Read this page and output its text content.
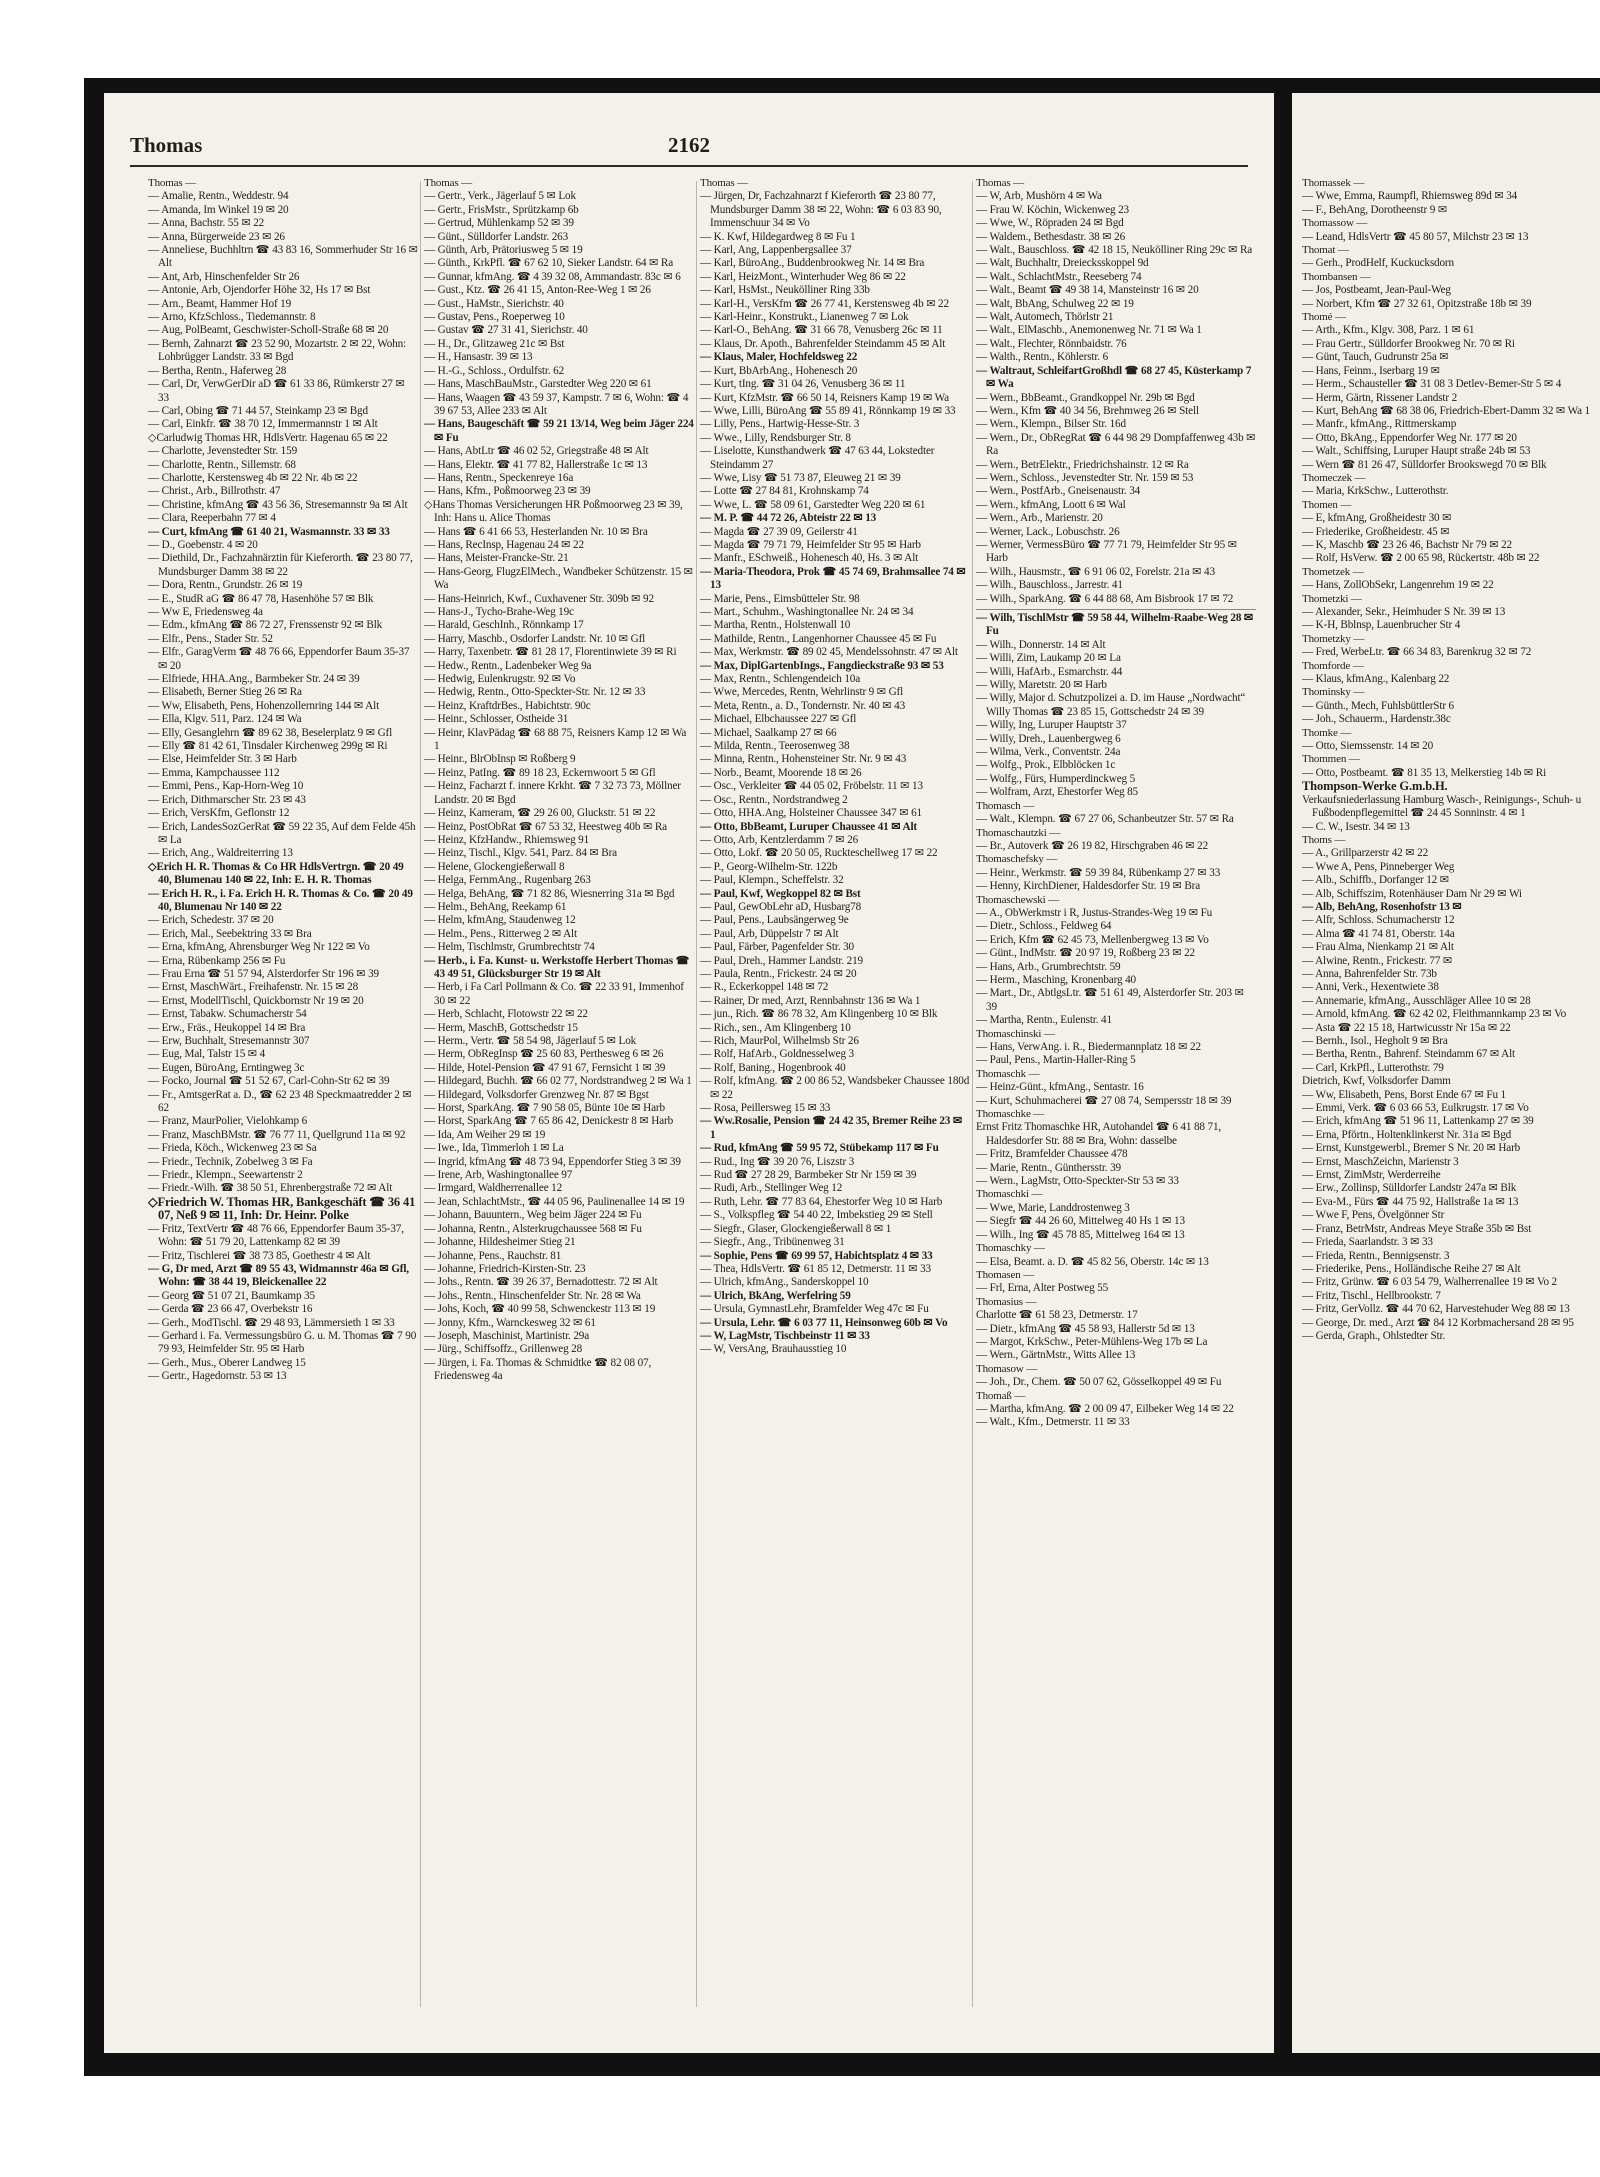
Thomas	2162
Thomas —
— Amalie, Rentn., Weddestr. 94
— Amanda, Im Winkel 19 ✉ 20
— Anna, Bachstr. 55 ✉ 22
— Anna, Bürgerweide 23 ✉ 26
— Anneliese, Buchhltrn ☎ 43 83 16, Sommerhuder Str 16 ✉ Alt
— Ant, Arb, Hinschenfelder Str 26
— Antonie, Arb, Ojendorfer Höhe 32, Hs 17 ✉ Bst
— Arn., Beamt, Hammer Hof 19
— Arno, KfzSchloss., Tiedemannstr. 8
— Aug, PolBeamt, Geschwister-Scholl-Straße 68 ✉ 20
— Bernh, Zahnarzt ☎ 23 52 90, Mozartstr. 2 ✉ 22, Wohn: Lohbrügger Landstr. 33 ✉ Bgd
— Bertha, Rentn., Haferweg 28
— Carl, Dr, VerwGerDir aD ☎ 61 33 86, Rümkerstr 27 ✉ 33
— Carl, Obing ☎ 71 44 57, Steinkamp 23 ✉ Bgd
— Carl, Einkfr. ☎ 38 70 12, Immermannstr 1 ✉ Alt
◇ Carludwig Thomas HR, HdlsVertr. Hagenau 65 ✉ 22
— Charlotte, Jevenstedter Str. 159
— Charlotte, Rentn., Sillemstr. 68
— Charlotte, Kerstensweg 4b ✉ 22 Nr. 4b ✉ 22
— Christ., Arb., Billrothstr. 47
— Christine, kfmAng ☎ 43 56 36, Stresemannstr 9a ✉ Alt
— Clara, Reeperbahn 77 ✉ 4
— Curt, kfmAng ☎ 61 40 21, Wasmannstr. 33 ✉ 33
— D., Goebenstr. 4 ✉ 20
— Diethild, Dr., Fachzahnärztin für Kieferorth. ☎ 23 80 77, Mundsburger Damm 38 ✉ 22
— Dora, Rentn., Grundstr. 26 ✉ 19
— E., StudR aG ☎ 86 47 78, Hasenhöhe 57 ✉ Blk
— Ww E, Friedensweg 4a
— Edm., kfmAng ☎ 86 72 27, Frenssenstr 92 ✉ Blk
— Elfr., Pens., Stader Str. 52
— Elfr., GaragVerm ☎ 48 76 66, Eppendorfer Baum 35-37 ✉ 20
— Elfriede, HHA.Ang., Barmbeker Str. 24 ✉ 39
— Elisabeth, Berner Stieg 26 ✉ Ra
— Ww, Elisabeth, Pens, Hohenzollernring 144 ✉ Alt
— Ella, Klgv. 511, Parz. 124 ✉ Wa
— Elly, Gesanglehrn ☎ 89 62 38, Beselerplatz 9 ✉ Gfl
— Elly ☎ 81 42 61, Tinsdaler Kirchenweg 299g ✉ Ri
— Else, Heimfelder Str. 3 ✉ Harb
— Emma, Kampchaussee 112
— Emmi, Pens., Kap-Horn-Weg 10
— Erich, Dithmarscher Str. 23 ✉ 43
— Erich, VersKfm, Geflonstr 12
— Erich, LandesSozGerRat ☎ 59 22 35, Auf dem Felde 45h ✉ La
— Erich, Ang., Waldreiterring 13
◇ Erich H. R. Thomas & Co HR HdlsVertrgn. ☎ 20 49 40, Blumenau 140 ✉ 22, Inh: E. H. R. Thomas
— Erich H. R., i. Fa. Erich H. R. Thomas & Co. ☎ 20 49 40, Blumenau Nr 140 ✉ 22
— Erich, Schedestr. 37 ✉ 20
— Erich, Mal., Seebektring 33 ✉ Bra
— Erna, kfmAng, Ahrensburger Weg Nr 122 ✉ Vo
— Erna, Rübenkamp 256 ✉ Fu
— Frau Erna ☎ 51 57 94, Alsterdorfer Str 196 ✉ 39
— Ernst, MaschWärt., Freihafenstr. Nr. 15 ✉ 28
— Ernst, ModellTischl, Quickbornstr Nr 19 ✉ 20
— Ernst, Tabakw. Schumacherstr 54
— Erw., Fräs., Heukoppel 14 ✉ Bra
— Erw, Buchhalt, Stresemannstr 307
— Eug, Mal, Talstr 15 ✉ 4
— Eugen, BüroAng, Erntingweg 3c
— Focko, Journal ☎ 51 52 67, Carl-Cohn-Str 62 ✉ 39
— Fr., AmtsgerRat a. D., ☎ 62 23 48 Speckmaatredder 2 ✉ 62
— Franz, MaurPolier, Vielohkamp 6
— Franz, MaschBMstr. ☎ 76 77 11, Quellgrund 11a ✉ 92
— Frieda, Köch., Wickenweg 23 ✉ Sa
— Friedr., Technik, Zobelweg 3 ✉ Fa
— Friedr., Klempn., Seewartenstr 2
— Friedr.-Wilh. ☎ 38 50 51, Ehrenbergstraße 72 ✉ Alt
◇ Friedrich W. Thomas HR, Bankgeschäft ☎ 36 41 07, Neß 9 ✉ 11, Inh: Dr. Heinr. Polke
— Fritz, TextVertr ☎ 48 76 66, Eppendorfer Baum 35-37, Wohn: ☎ 51 79 20, Lattenkamp 82 ✉ 39
— Fritz, Tischlerei ☎ 38 73 85, Goethestr 4 ✉ Alt
— G, Dr med, Arzt ☎ 89 55 43, Widmannstr 46a ✉ Gfl, Wohn: ☎ 38 44 19, Bleickenallee 22
— Georg ☎ 51 07 21, Baumkamp 35
— Gerda ☎ 23 66 47, Overbekstr 16
— Gerh., ModTischl. ☎ 29 48 93, Lämmersieth 1 ✉ 33
— Gerhard i. Fa. Vermessungsbüro G. u. M. Thomas ☎ 7 90 79 93, Heimfelder Str. 95 ✉ Harb
— Gerh., Mus., Oberer Landweg 15
— Gertr., Hagedornstr. 53 ✉ 13
Thomas —
— Gertr., Verk., Jägerlauf 5 ✉ Lok
— Gertr., FrisMstr., Sprützkamp 6b
— Gertrud, Mühlenkamp 52 ✉ 39
— Günt., Sülldorfer Landstr. 263
— Günth, Arb, Prätoriusweg 5 ✉ 19
— Günth., KrkPfl. ☎ 67 62 10, Sieker Landstr. 64 ✉ Ra
— Gunnar, kfmAng. ☎ 4 39 32 08, Ammandastr. 83c ✉ 6
— Gust., Ktz. ☎ 26 41 15, Anton-Ree-Weg 1 ✉ 26
— Gust., HaMstr., Sierichstr. 40
— Gustav, Pens., Roeperweg 10
— Gustav ☎ 27 31 41, Sierichstr. 40
— H., Dr., Glitzaweg 21c ✉ Bst
— H., Hansastr. 39 ✉ 13
— H.-G., Schloss., Ordulfstr. 62
— Hans, MaschBauMstr., Garstedter Weg 220 ✉ 61
— Hans, Waagen ☎ 43 59 37, Kampstr. 7 ✉ 6, Wohn: ☎ 4 39 67 53, Allee 233 ✉ Alt
— Hans, Baugeschäft ☎ 59 21 13/14, Weg beim Jäger 224 ✉ Fu
— Hans, AbtLtr ☎ 46 02 52, Griegstraße 48 ✉ Alt
— Hans, Elektr. ☎ 41 77 82, Hallerstraße 1c ✉ 13
— Hans, Rentn., Speckenreye 16a
— Hans, Kfm., Poßmoorweg 23 ✉ 39
◇ Hans Thomas Versicherungen HR Poßmoorweg 23 ✉ 39, Inh: Hans u. Alice Thomas
— Hans ☎ 6 41 66 53, Hesterlanden Nr. 10 ✉ Bra
— Hans, RecInsp, Hagenau 24 ✉ 22
— Hans, Meister-Francke-Str. 21
— Hans-Georg, FlugzElMech., Wandbeker Schützenstr. 15 ✉ Wa
— Hans-Heinrich, Kwf., Cuxhavener Str. 309b ✉ 92
— Hans-J., Tycho-Brahe-Weg 19c
— Harald, GeschInh., Rönnkamp 17
— Harry, Maschb., Osdorfer Landstr. Nr. 10 ✉ Gfl
— Harry, Taxenbetr. ☎ 81 28 17, Florentinwiete 39 ✉ Ri
— Hedw., Rentn., Ladenbeker Weg 9a
— Hedwig, Eulenkrugstr. 92 ✉ Vo
— Hedwig, Rentn., Otto-Speckter-Str. Nr. 12 ✉ 33
— Heinz, KraftdrBes., Habichtstr. 90c
— Heinr., Schlosser, Ostheide 31
— Heinr, KlavPädag ☎ 68 88 75, Reisners Kamp 12 ✉ Wa 1
— Heinr., BlrObInsp ✉ Roßberg 9
— Heinz, PatIng. ☎ 89 18 23, Eckernwoort 5 ✉ Gfl
— Heinz, Facharzt f. innere Krkht. ☎ 7 32 73 73, Möllner Landstr. 20 ✉ Bgd
— Heinz, Kameram, ☎ 29 26 00, Gluckstr. 51 ✉ 22
— Heinz, PostObRat ☎ 67 53 32, Heestweg 40b ✉ Ra
— Heinz, KfzHandw., Rhiemsweg 91
— Heinz, Tischl., Klgv. 541, Parz. 84 ✉ Bra
— Helene, Glockengießerwall 8
— Helga, FernmAng., Rugenbarg 263
— Helga, BehAng, ☎ 71 82 86, Wiesnerring 31a ✉ Bgd
— Helm., BehAng, Reekamp 61
— Helm, kfmAng, Staudenweg 12
— Helm., Pens., Ritterweg 2 ✉ Alt
— Helm, Tischlmstr, Grumbrechtstr 74
— Herb., i. Fa. Kunst- u. Werkstoffe Herbert Thomas ☎ 43 49 51, Glücksburger Str 19 ✉ Alt
— Herb, i Fa Carl Pollmann & Co. ☎ 22 33 91, Immenhof 30 ✉ 22
— Herb, Schlacht, Flotowstr 22 ✉ 22
— Herm, MaschB, Gottschedstr 15
— Herm., Vertr. ☎ 58 54 98, Jägerlauf 5 ✉ Lok
— Herm, ObRegInsp ☎ 25 60 83, Perthesweg 6 ✉ 26
— Hilde, Hotel-Pension ☎ 47 91 67, Fernsicht 1 ✉ 39
— Hildegard, Buchh. ☎ 66 02 77, Nordstrandweg 2 ✉ Wa 1
— Hildegard, Volksdorfer Grenzweg Nr. 87 ✉ Bgst
— Horst, SparkAng. ☎ 7 90 58 05, Bünte 10e ✉ Harb
— Horst, SparkAng ☎ 7 65 86 42, Denickestr 8 ✉ Harb
— Ida, Am Weiher 29 ✉ 19
— Iwe., Ida, Timmerloh 1 ✉ La
— Ingrid, kfmAng ☎ 48 73 94, Eppendorfer Stieg 3 ✉ 39
— Irene, Arb, Washingtonallee 97
— Irmgard, Waldherrenallee 12
— Jean, SchlachtMstr., ☎ 44 05 96, Paulinenallee 14 ✉ 19
— Johann, Bauuntern., Weg beim Jäger 224 ✉ Fu
— Johanna, Rentn., Alsterkrugchaussee 568 ✉ Fu
— Johanne, Hildesheimer Stieg 21
— Johanne, Pens., Rauchstr. 81
— Johanne, Friedrich-Kirsten-Str. 23
— Johs., Rentn. ☎ 39 26 37, Bernadottestr. 72 ✉ Alt
— Johs., Rentn., Hinschenfelder Str. Nr. 28 ✉ Wa
— Johs, Koch, ☎ 40 99 58, Schwenckestr 113 ✉ 19
— Jonny, Kfm., Warnckesweg 32 ✉ 61
— Joseph, Maschinist, Martinistr. 29a
— Jürg., Schiffsoffz., Grillenweg 28
— Jürgen, i. Fa. Thomas & Schmidtke ☎ 82 08 07, Friedensweg 4a
Thomas —
— Jürgen, Dr, Fachzahnarzt f Kieferorth ☎ 23 80 77, Mundsburger Damm 38 ✉ 22, Wohn: ☎ 6 03 83 90, Immenschuur 34 ✉ Vo
— K. Kwf, Hildegardweg 8 ✉ Fu 1
— Karl, Ang, Lappenbergsallee 37
— Karl, BüroAng., Buddenbrookweg Nr. 14 ✉ Bra
— Karl, HeizMont., Winterhuder Weg 86 ✉ 22
— Karl, HsMst., Neukölliner Ring 33b
— Karl-H., VersKfm ☎ 26 77 41, Kerstensweg 4b ✉ 22
— Karl-Heinr., Konstrukt., Lianenweg 7 ✉ Lok
— Karl-O., BehAng. ☎ 31 66 78, Venusberg 26c ✉ 11
— Klaus, Dr. Apoth., Bahrenfelder Steindamm 45 ✉ Alt
— Klaus, Maler, Hochfeldsweg 22
— Kurt, BbArbAng., Hohenesch 20
— Kurt, tIng. ☎ 31 04 26, Venusberg 36 ✉ 11
— Kurt, KfzMstr. ☎ 66 50 14, Reisners Kamp 19 ✉ Wa
— Wwe, Lilli, BüroAng ☎ 55 89 41, Rönnkamp 19 ✉ 33
— Lilly, Pens., Hartwig-Hesse-Str. 3
— Wwe., Lilly, Rendsburger Str. 8
— Liselotte, Kunsthandwerk ☎ 47 63 44, Lokstedter Steindamm 27
— Wwe, Lisy ☎ 51 73 87, Eleuweg 21 ✉ 39
— Lotte ☎ 27 84 81, Krohnskamp 74
— Wwe, L. ☎ 58 09 61, Garstedter Weg 220 ✉ 61
— M. P. ☎ 44 72 26, Abteistr 22 ✉ 13
— Magda ☎ 27 39 09, Geilerstr 41
— Magda ☎ 79 71 79, Heimfelder Str 95 ✉ Harb
— Manfr., ESchweiß., Hohenesch 40, Hs. 3 ✉ Alt
— Maria-Theodora, Prok ☎ 45 74 69, Brahmsallee 74 ✉ 13
— Marie, Pens., Eimsbütteler Str. 98
— Mart., Schuhm., Washingtonallee Nr. 24 ✉ 34
— Martha, Rentn., Holstenwall 10
— Mathilde, Rentn., Langenhorner Chaussee 45 ✉ Fu
— Max, Werkmstr. ☎ 89 02 45, Mendelssohnstr. 47 ✉ Alt
— Max, DiplGartenbIngs., Fangdieckstraße 93 ✉ 53
— Max, Rentn., Schlengendeich 10a
— Wwe, Mercedes, Rentn, Wehrlinstr 9 ✉ Gfl
— Meta, Rentn., a. D., Tondernstr. Nr. 40 ✉ 43
— Michael, Elbchaussee 227 ✉ Gfl
— Michael, Saalkamp 27 ✉ 66
— Milda, Rentn., Teerosenweg 38
— Minna, Rentn., Hohensteiner Str. Nr. 9 ✉ 43
— Norb., Beamt, Moorende 18 ✉ 26
— Osc., Verkleiter ☎ 44 05 02, Fröbelstr. 11 ✉ 13
— Osc., Rentn., Nordstrandweg 2
— Otto, HHA.Ang, Holsteiner Chaussee 347 ✉ 61
— Otto, BbBeamt, Luruper Chaussee 41 ✉ Alt
— Otto, Arb, Kentzlerdamm 7 ✉ 26
— Otto, Lokf. ☎ 20 50 05, Ruckteschellweg 17 ✉ 22
— P., Georg-Wilhelm-Str. 122b
— Paul, Klempn., Scheffelstr. 32
— Paul, Kwf, Wegkoppel 82 ✉ Bst
— Paul, GewObLehr aD, Husbarg78
— Paul, Pens., Laubsängerweg 9e
— Paul, Arb, Düppelstr 7 ✉ Alt
— Paul, Färber, Pagenfelder Str. 30
— Paul, Dreh., Hammer Landstr. 219
— Paula, Rentn., Frickestr. 24 ✉ 20
— R., Eckerkoppel 148 ✉ 72
— Rainer, Dr med, Arzt, Rennbahnstr 136 ✉ Wa 1
— jun., Rich. ☎ 86 78 32, Am Klingenberg 10 ✉ Blk
— Rich., sen., Am Klingenberg 10
— Rich, MaurPol, Wilhelmsb Str 26
— Rolf, HafArb., Goldnesselweg 3
— Rolf, Baning., Hogenbrook 40
— Rolf, kfmAng. ☎ 2 00 86 52, Wandsbeker Chaussee 180d ✉ 22
— Rosa, Peillersweg 15 ✉ 33
— Ww.Rosalie, Pension ☎ 24 42 35, Bremer Reihe 23 ✉ 1
— Rud, kfmAng ☎ 59 95 72, Stübekamp 117 ✉ Fu
— Rud., Ing ☎ 39 20 76, Liszstr 3
— Rud ☎ 27 28 29, Barmbeker Str Nr 159 ✉ 39
— Rudi, Arb., Stellinger Weg 12
— Ruth, Lehr. ☎ 77 83 64, Ehestorfer Weg 10 ✉ Harb
— S., Volkspfleg ☎ 54 40 22, Imbekstieg 29 ✉ Stell
— Siegfr., Glaser, Glockengießerwall 8 ✉ 1
— Siegfr., Ang., Tribünenweg 31
— Sophie, Pens ☎ 69 99 57, Habichtsplatz 4 ✉ 33
— Thea, HdlsVertr. ☎ 61 85 12, Detmerstr. 11 ✉ 33
— Ulrich, kfmAng., Sanderskoppel 10
— Ulrich, BkAng, Werfelring 59
— Ursula, GymnastLehr, Bramfelder Weg 47c ✉ Fu
— Ursula, Lehr. ☎ 6 03 77 11, Heinsonweg 60b ✉ Vo
— W, LagMstr, Tischbeinstr 11 ✉ 33
— W, VersAng, Brauhausstieg 10
Thomas —
— W, Arb, Mushörn 4 ✉ Wa
— Frau W. Köchin, Wickenweg 23
— Wwe, W., Röpraden 24 ✉ Bgd
— Waldem., Bethesdastr. 38 ✉ 26
— Walt., Bauschloss. ☎ 42 18 15, Neukölliner Ring 29c ✉ Ra
— Walt, Buchhaltr, Dreiecksskoppel 9d
— Walt., SchlachtMstr., Reeseberg 74
— Walt., Beamt ☎ 49 38 14, Mansteinstr 16 ✉ 20
— Walt, BbAng, Schulweg 22 ✉ 19
— Walt, Automech, Thörlstr 21
— Walt., ElMaschb., Anemonenweg Nr. 71 ✉ Wa 1
— Walt., Flechter, Rönnbaidstr. 76
— Walth., Rentn., Köhlerstr. 6
— Waltraut, SchleifartGroßhdl ☎ 68 27 45, Küsterkamp 7 ✉ Wa
— Wern., BbBeamt., Grandkoppel Nr. 29b ✉ Bgd
— Wern., Kfm ☎ 40 34 56, Brehmweg 26 ✉ Stell
— Wern., Klempn., Bilser Str. 16d
— Wern., Dr., ObRegRat ☎ 6 44 98 29 Dompfaffenweg 43b ✉ Ra
— Wern., BetrElektr., Friedrichshainstr. 12 ✉ Ra
— Wern., Schloss., Jevenstedter Str. Nr. 159 ✉ 53
— Wern., PostfArb., Gneisenaustr. 34
— Wern., kfmAng, Loott 6 ✉ Wal
— Wern., Arb., Marienstr. 20
— Werner, Lack., Lobuschstr. 26
— Werner, VermessBüro ☎ 77 71 79, Heimfelder Str 95 ✉ Harb
— Wilh., Hausmstr., ☎ 6 91 06 02, Forelstr. 21a ✉ 43
— Wilh., Bauschloss., Jarrestr. 41
— Wilh., SparkAng. ☎ 6 44 88 68, Am Bisbrook 17 ✉ 72
— Wilh, TischlMstr ☎ 59 58 44, Wilhelm-Raabe-Weg 28 ✉ Fu
— Wilh., Donnerstr. 14 ✉ Alt
— Willi, Zim, Laukamp 20 ✉ La
— Willi, HafArb., Esmarchstr. 44
— Willy, Maretstr. 20 ✉ Harb
— Willy, Major d. Schutzpolizei a. D. im Hause „Nordwacht“ Willy Thomas ☎ 23 85 15, Gottschedstr 24 ✉ 39
— Willy, Ing, Luruper Hauptstr 37
— Willy, Dreh., Lauenbergweg 6
— Wilma, Verk., Conventstr. 24a
— Wolfg., Prok., Elbblöcken 1c
— Wolfg., Fürs, Humperdinckweg 5
— Wolfram, Arzt, Ehestorfer Weg 85
Thomasch —
— Walt., Klempn. ☎ 67 27 06, Schanbeutzer Str. 57 ✉ Ra
Thomaschautzki —
— Br., Autoverk ☎ 26 19 82, Hirschgraben 46 ✉ 22
Thomaschefsky —
— Heinr., Werkmstr. ☎ 59 39 84, Rübenkamp 27 ✉ 33
— Henny, KirchDiener, Haldesdorfer Str. 19 ✉ Bra
Thomaschewski —
— A., ObWerkmstr i R, Justus-Strandes-Weg 19 ✉ Fu
— Dietr., Schloss., Feldweg 64
— Erich, Kfm ☎ 62 45 73, Mellenbergweg 13 ✉ Vo
— Günt., IndMstr. ☎ 20 97 19, Roßberg 23 ✉ 22
— Hans, Arb., Grumbrechtstr. 59
— Herm., Masching, Kronenbarg 40
— Mart., Dr., AbtlgsLtr. ☎ 51 61 49, Alsterdorfer Str. 203 ✉ 39
— Martha, Rentn., Eulenstr. 41
Thomaschinski —
— Hans, VerwAng. i. R., Biedermannplatz 18 ✉ 22
— Paul, Pens., Martin-Haller-Ring 5
Thomaschk —
— Heinz-Günt., kfmAng., Sentastr. 16
— Kurt, Schuhmacherei ☎ 27 08 74, Sempersstr 18 ✉ 39
Thomaschke —
Ernst Fritz Thomaschke HR, Autohandel ☎ 6 41 88 71, Haldesdorfer Str. 88 ✉ Bra, Wohn: dasselbe
— Fritz, Bramfelder Chaussee 478
— Marie, Rentn., Günthersstr. 39
— Wern., LagMstr, Otto-Speckter-Str 53 ✉ 33
Thomaschki —
— Wwe, Marie, Landdrostenweg 3
— Siegfr ☎ 44 26 60, Mittelweg 40 Hs 1 ✉ 13
— Wilh., Ing ☎ 45 78 85, Mittelweg 164 ✉ 13
Thomaschky —
— Elsa, Beamt. a. D. ☎ 45 82 56, Oberstr. 14c ✉ 13
Thomasen —
— Frl, Erna, Alter Postweg 55
Thomasius —
Charlotte ☎ 61 58 23, Detmerstr. 17
— Dietr., kfmAng ☎ 45 58 93, Hallerstr 5d ✉ 13
— Margot, KrkSchw., Peter-Mühlens-Weg 17b ✉ La
— Wern., GärtnMstr., Witts Allee 13
Thomasow —
— Joh., Dr., Chem. ☎ 50 07 62, Gösselkoppel 49 ✉ Fu
Thomaß —
— Martha, kfmAng. ☎ 2 00 09 47, Eilbeker Weg 14 ✉ 22
— Walt., Kfm., Detmerstr. 11 ✉ 33
Thomassek —
— Wwe, Emma, Raumpfl, Rhiemsweg 89d ✉ 34
— F., BehAng, Dorotheenstr 9 ✉
Thomassow —
— Leand, HdlsVertr ☎ 45 80 57, Milchstr 23 ✉ 13
Thomat —
— Gerh., ProdHelf, Kuckucksdorn
Thombansen —
— Jos, Postbeamt, Jean-Paul-Weg
— Norbert, Kfm ☎ 27 32 61, Opitzstraße 18b ✉ 39
Thomé —
— Arth., Kfm., Klgv. 308, Parz. 1 ✉ 61
— Frau Gertr., Sülldorfer Brookweg Nr. 70 ✉ Ri
— Günt, Tauch, Gudrunstr 25a ✉
— Hans, Feinm., Iserbarg 19 ✉
— Herm., Schausteller ☎ 31 08 3 Detlev-Bemer-Str 5 ✉ 4
— Herm, Gärtn, Rissener Landstr 2
— Kurt, BehAng ☎ 68 38 06, Friedrich-Ebert-Damm 32 ✉ Wa 1
— Manfr., kfmAng., Rittmerskamp
— Otto, BkAng., Eppendorfer Weg Nr. 177 ✉ 20
— Walt., Schiffsing, Luruper Haupt straße 24b ✉ 53
— Wern ☎ 81 26 47, Sülldorfer Brookswegd 70 ✉ Blk
Thomeczek —
— Maria, KrkSchw., Lutterothstr.
Thomen —
— E, kfmAng, Großheidestr 30 ✉
— Friederike, Großheidestr. 45 ✉
— K, Maschb ☎ 23 26 46, Bachstr Nr 79 ✉ 22
— Rolf, HsVerw. ☎ 2 00 65 98, Rückertstr. 48b ✉ 22
Thometzek —
— Hans, ZollObSekr, Langenrehm 19 ✉ 22
Thometzki —
— Alexander, Sekr., Heimhuder S Nr. 39 ✉ 13
— K-H, Bblnsp, Lauenbrucher Str 4
Thometzky —
— Fred, WerbeLtr. ☎ 66 34 83, Barenkrug 32 ✉ 72
Thomforde —
— Klaus, kfmAng., Kalenbarg 22
Thominsky —
— Günth., Mech, FuhlsbüttlerStr 6
— Joh., Schauerm., Hardenstr.38c
Thomke —
— Otto, Siemssenstr. 14 ✉ 20
Thommen —
— Otto, Postbeamt. ☎ 81 35 13, Melkerstieg 14b ✉ Ri
Thompson-Werke G.m.b.H.
Verkaufsniederlassung Hamburg Wasch-, Reinigungs-, Schuh- u Fußbodenpflegemittel ☎ 24 45 Sonninstr. 4 ✉ 1
— C. W., Isestr. 34 ✉ 13
Thoms —
— A., Grillparzerstr 42 ✉ 22
— Wwe A, Pens, Pinneberger Weg
— Alb., Schiffb., Dorfanger 12 ✉
— Alb, Schiffszim, Rotenhäuser Dam Nr 29 ✉ Wi
— Alb, BehAng, Rosenhofstr 13 ✉
— Alfr, Schloss. Schumacherstr 12
— Alma ☎ 41 74 81, Oberstr. 14a
— Frau Alma, Nienkamp 21 ✉ Alt
— Alwine, Rentn., Frickestr. 77 ✉
— Anna, Bahrenfelder Str. 73b
— Anni, Verk., Hexentwiete 38
— Annemarie, kfmAng., Ausschläger Allee 10 ✉ 28
— Arnold, kfmAng. ☎ 62 42 02, Fleithmannkamp 23 ✉ Vo
— Asta ☎ 22 15 18, Hartwicusstr Nr 15a ✉ 22
— Bernh., Isol., Hegholt 9 ✉ Bra
— Bertha, Rentn., Bahrenf. Steindamm 67 ✉ Alt
— Carl, KrkPfl., Lutterothstr. 79
Dietrich, Kwf, Volksdorfer Damm
— Ww, Elisabeth, Pens, Borst Ende 67 ✉ Fu 1
— Emmi, Verk. ☎ 6 03 66 53, Eulkrugstr. 17 ✉ Vo
— Erich, kfmAng ☎ 51 96 11, Lattenkamp 27 ✉ 39
— Erna, Pförtn., Holtenklinkerst Nr. 31a ✉ Bgd
— Ernst, Kunstgewerbl., Bremer S Nr. 20 ✉ Harb
— Ernst, MaschZeichn, Marienstr 3
— Ernst, ZimMstr, Werderreihe
— Erw., Zollinsp, Sülldorfer Landstr 247a ✉ Blk
— Eva-M., Fürs ☎ 44 75 92, Hallstraße 1a ✉ 13
— Wwe F, Pens, Övelgönner Str
— Franz, BetrMstr, Andreas Meye Straße 35b ✉ Bst
— Frieda, Saarlandstr. 3 ✉ 33
— Frieda, Rentn., Bennigsenstr. 3
— Friederike, Pens., Holländische Reihe 27 ✉ Alt
— Fritz, Grünw. ☎ 6 03 54 79, Walherrenallee 19 ✉ Vo 2
— Fritz, Tischl., Hellbrookstr. 7
— Fritz, GerVollz. ☎ 44 70 62, Harvestehuder Weg 88 ✉ 13
— George, Dr. med., Arzt ☎ 84 12 Korbmachersand 28 ✉ 95
— Gerda, Graph., Ohlstedter Str.
